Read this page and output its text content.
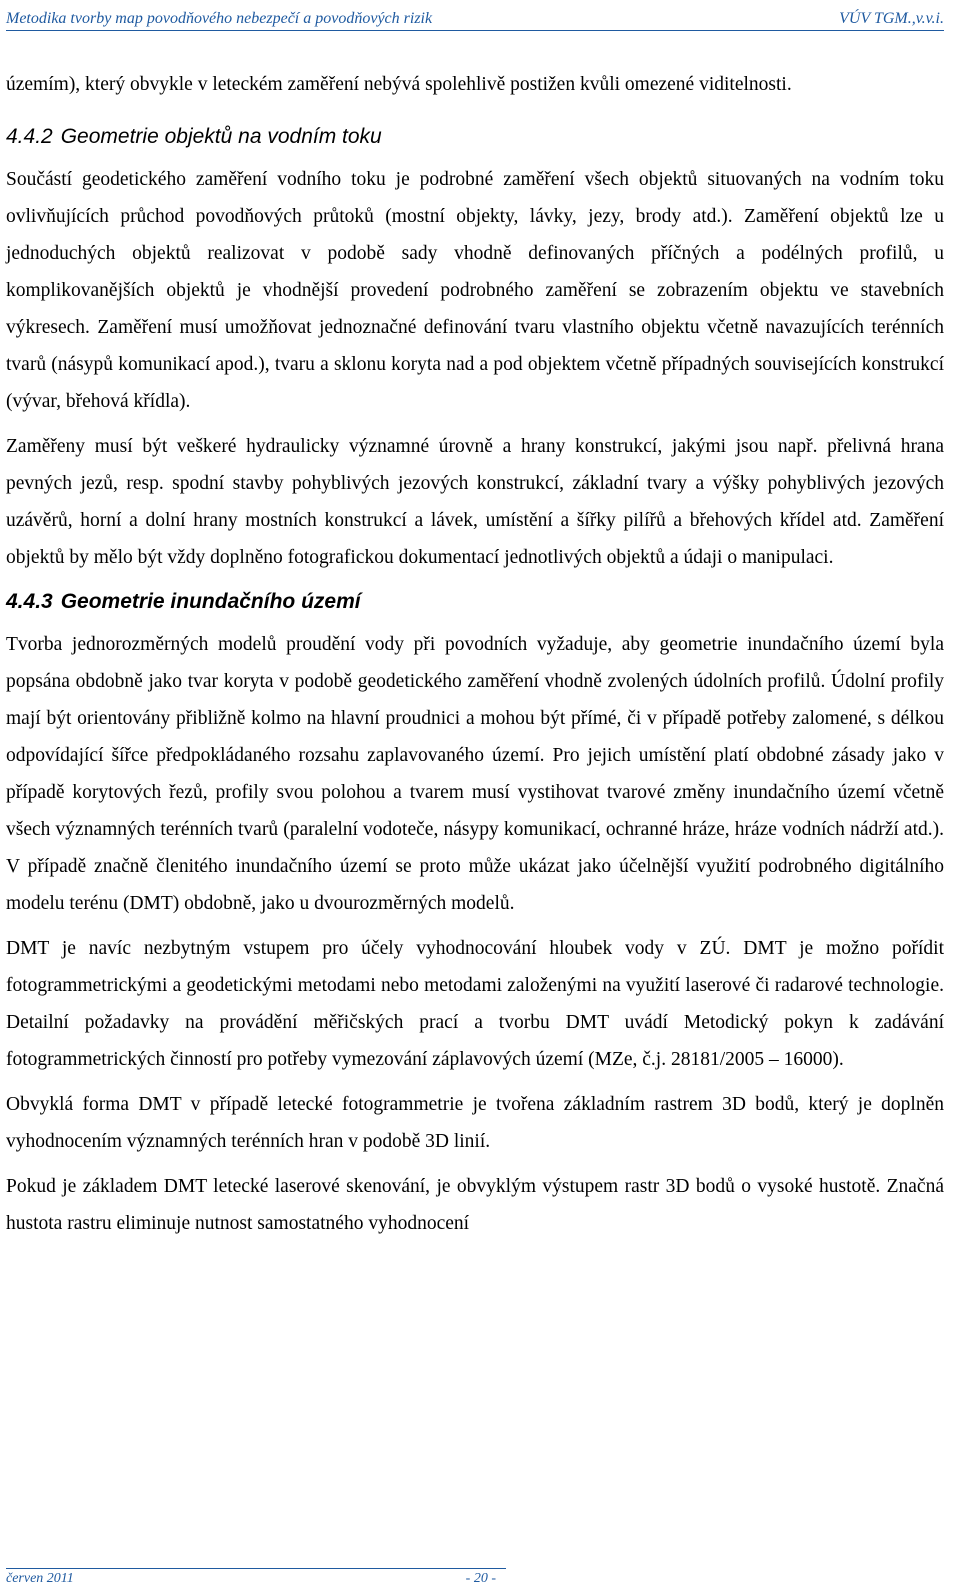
Metodika tvorby map povodňového nebezpečí a povodňových rizik	VÚV TGM.,v.v.i.

územím), který obvykle v leteckém zaměření nebývá spolehlivě postižen kvůli omezené viditelnosti.

4.4.2 Geometrie objektů na vodním toku

Součástí geodetického zaměření vodního toku je podrobné zaměření všech objektů situovaných na vodním toku ovlivňujících průchod povodňových průtoků (mostní objekty, lávky, jezy, brody atd.). Zaměření objektů lze u jednoduchých objektů realizovat v podobě sady vhodně definovaných příčných a podélných profilů, u komplikovanějších objektů je vhodnější provedení podrobného zaměření se zobrazením objektu ve stavebních výkresech. Zaměření musí umožňovat jednoznačné definování tvaru vlastního objektu včetně navazujících terénních tvarů (násypů komunikací apod.), tvaru a sklonu koryta nad a pod objektem včetně případných souvisejících konstrukcí (vývar, břehová křídla).

Zaměřeny musí být veškeré hydraulicky významné úrovně a hrany konstrukcí, jakými jsou např. přelivná hrana pevných jezů, resp. spodní stavby pohyblivých jezových konstrukcí, základní tvary a výšky pohyblivých jezových uzávěrů, horní a dolní hrany mostních konstrukcí a lávek, umístění a šířky pilířů a břehových křídel atd. Zaměření objektů by mělo být vždy doplněno fotografickou dokumentací jednotlivých objektů a údaji o manipulaci.

4.4.3 Geometrie inundačního území

Tvorba jednorozměrných modelů proudění vody při povodních vyžaduje, aby geometrie inundačního území byla popsána obdobně jako tvar koryta v podobě geodetického zaměření vhodně zvolených údolních profilů. Údolní profily mají být orientovány přibližně kolmo na hlavní proudnici a mohou být přímé, či v případě potřeby zalomené, s délkou odpovídající šířce předpokládaného rozsahu zaplavovaného území. Pro jejich umístění platí obdobné zásady jako v případě korytových řezů, profily svou polohou a tvarem musí vystihovat tvarové změny inundačního území včetně všech významných terénních tvarů (paralelní vodoteče, násypy komunikací, ochranné hráze, hráze vodních nádrží atd.). V případě značně členitého inundačního území se proto může ukázat jako účelnější využití podrobného digitálního modelu terénu (DMT) obdobně, jako u dvourozměrných modelů.

DMT je navíc nezbytným vstupem pro účely vyhodnocování hloubek vody v ZÚ. DMT je možno pořídit fotogrammetrickými a geodetickými metodami nebo metodami založenými na využití laserové či radarové technologie. Detailní požadavky na provádění měřičských prací a tvorbu DMT uvádí Metodický pokyn k zadávání fotogrammetrických činností pro potřeby vymezování záplavových území (MZe, č.j. 28181/2005 – 16000).

Obvyklá forma DMT v případě letecké fotogrammetrie je tvořena základním rastrem 3D bodů, který je doplněn vyhodnocením významných terénních hran v podobě 3D linií.

Pokud je základem DMT letecké laserové skenování, je obvyklým výstupem rastr 3D bodů o vysoké hustotě. Značná hustota rastru eliminuje nutnost samostatného vyhodnocení

červen 2011	- 20 -
